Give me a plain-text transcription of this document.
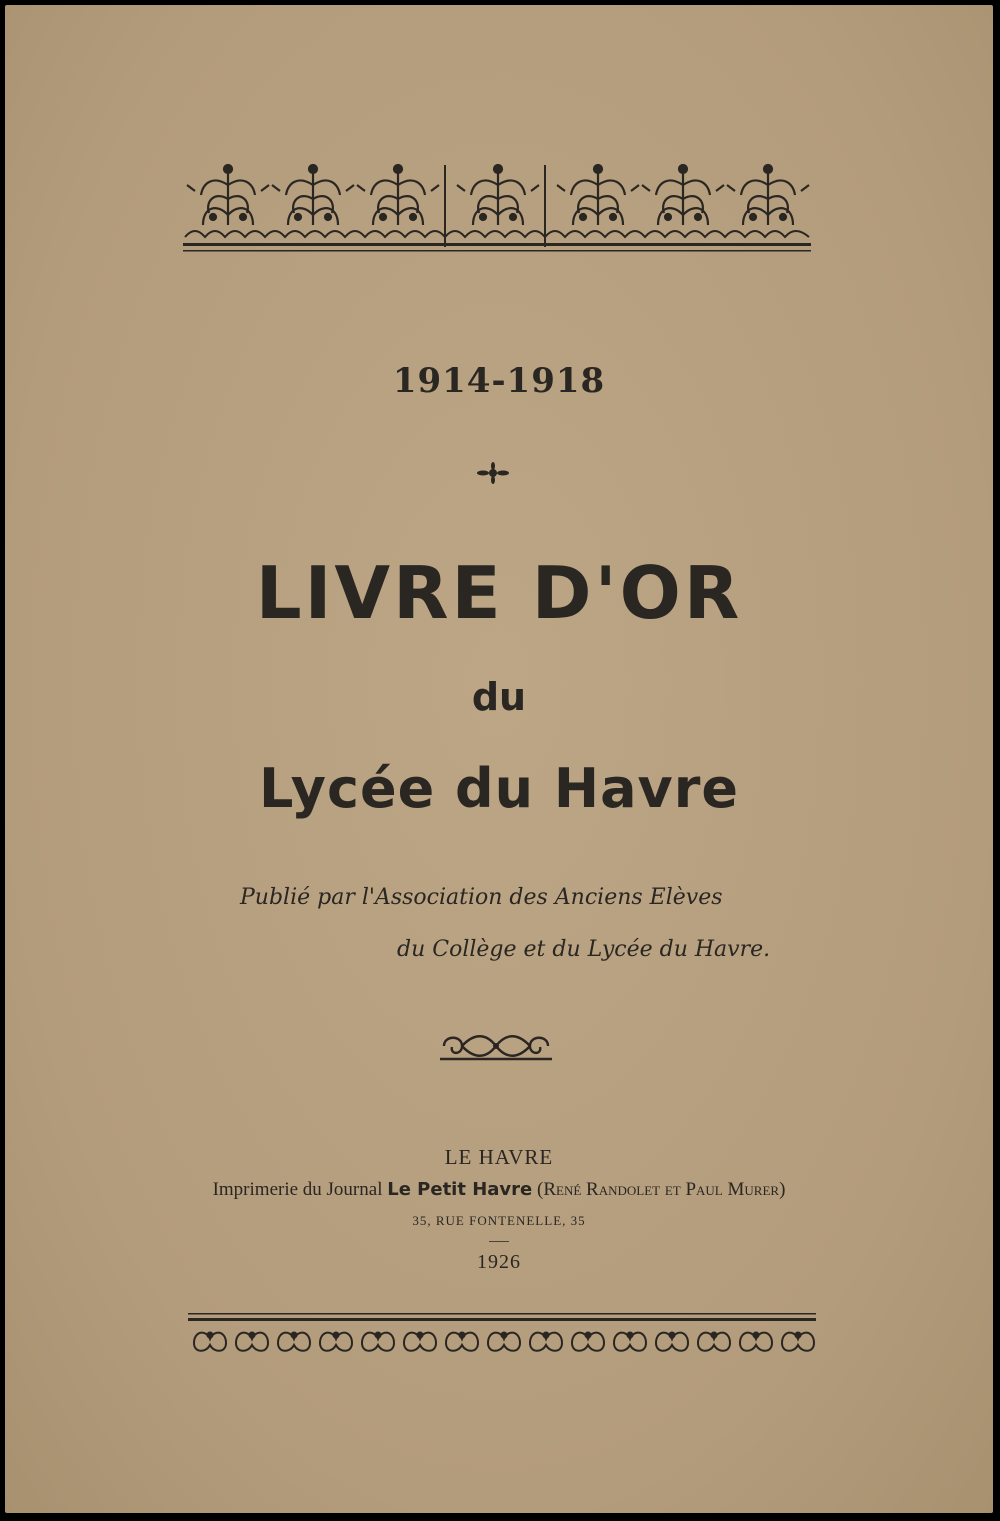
1914-1918
LIVRE D'OR
du
Lycée du Havre
Publié par l'Association des Anciens Elèves
du Collège et du Lycée du Havre.
LE HAVRE
Imprimerie du Journal Le Petit Havre (René Randolet et Paul Murer)
35, RUE FONTENELLE, 35
1926
